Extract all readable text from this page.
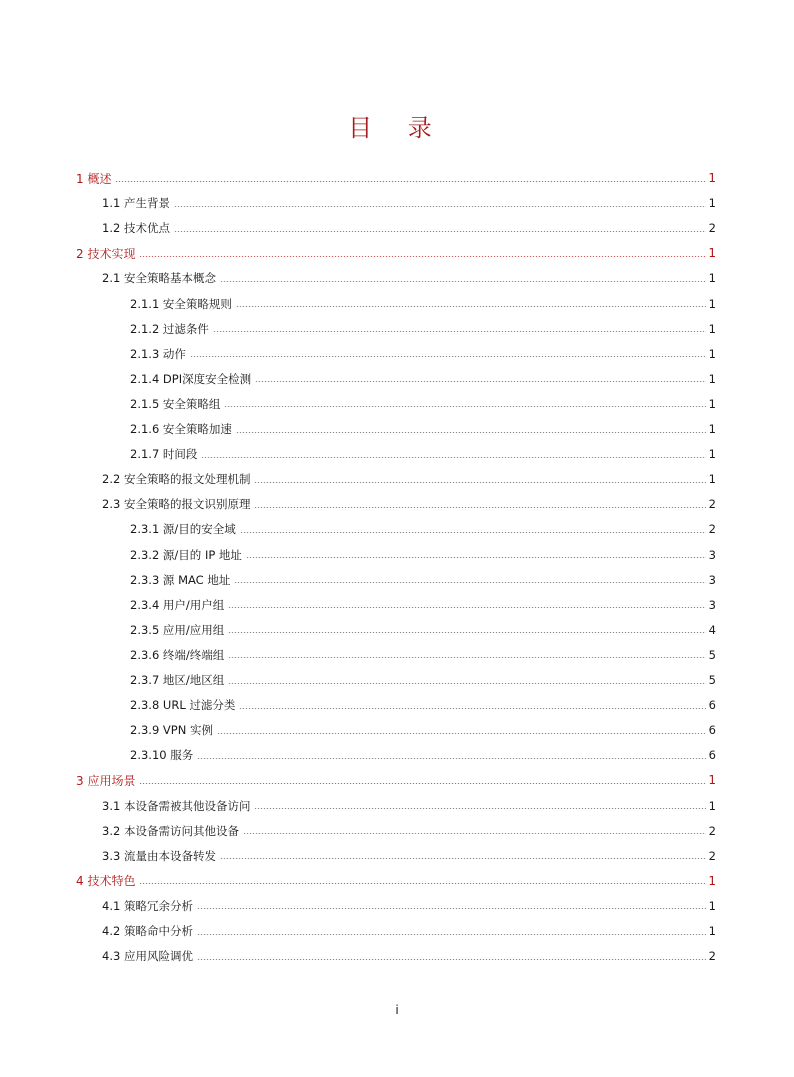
目 录
1 概述	1
1.1 产生背景	1
1.2 技术优点	2
2 技术实现	1
2.1 安全策略基本概念	1
2.1.1 安全策略规则	1
2.1.2 过滤条件	1
2.1.3 动作	1
2.1.4 DPI深度安全检测	1
2.1.5 安全策略组	1
2.1.6 安全策略加速	1
2.1.7 时间段	1
2.2 安全策略的报文处理机制	1
2.3 安全策略的报文识别原理	2
2.3.1 源/目的安全域	2
2.3.2 源/目的 IP 地址	3
2.3.3 源 MAC 地址	3
2.3.4 用户/用户组	3
2.3.5 应用/应用组	4
2.3.6 终端/终端组	5
2.3.7 地区/地区组	5
2.3.8 URL 过滤分类	6
2.3.9 VPN 实例	6
2.3.10 服务	6
3 应用场景	1
3.1 本设备需被其他设备访问	1
3.2 本设备需访问其他设备	2
3.3 流量由本设备转发	2
4 技术特色	1
4.1 策略冗余分析	1
4.2 策略命中分析	1
4.3 应用风险调优	2
i
